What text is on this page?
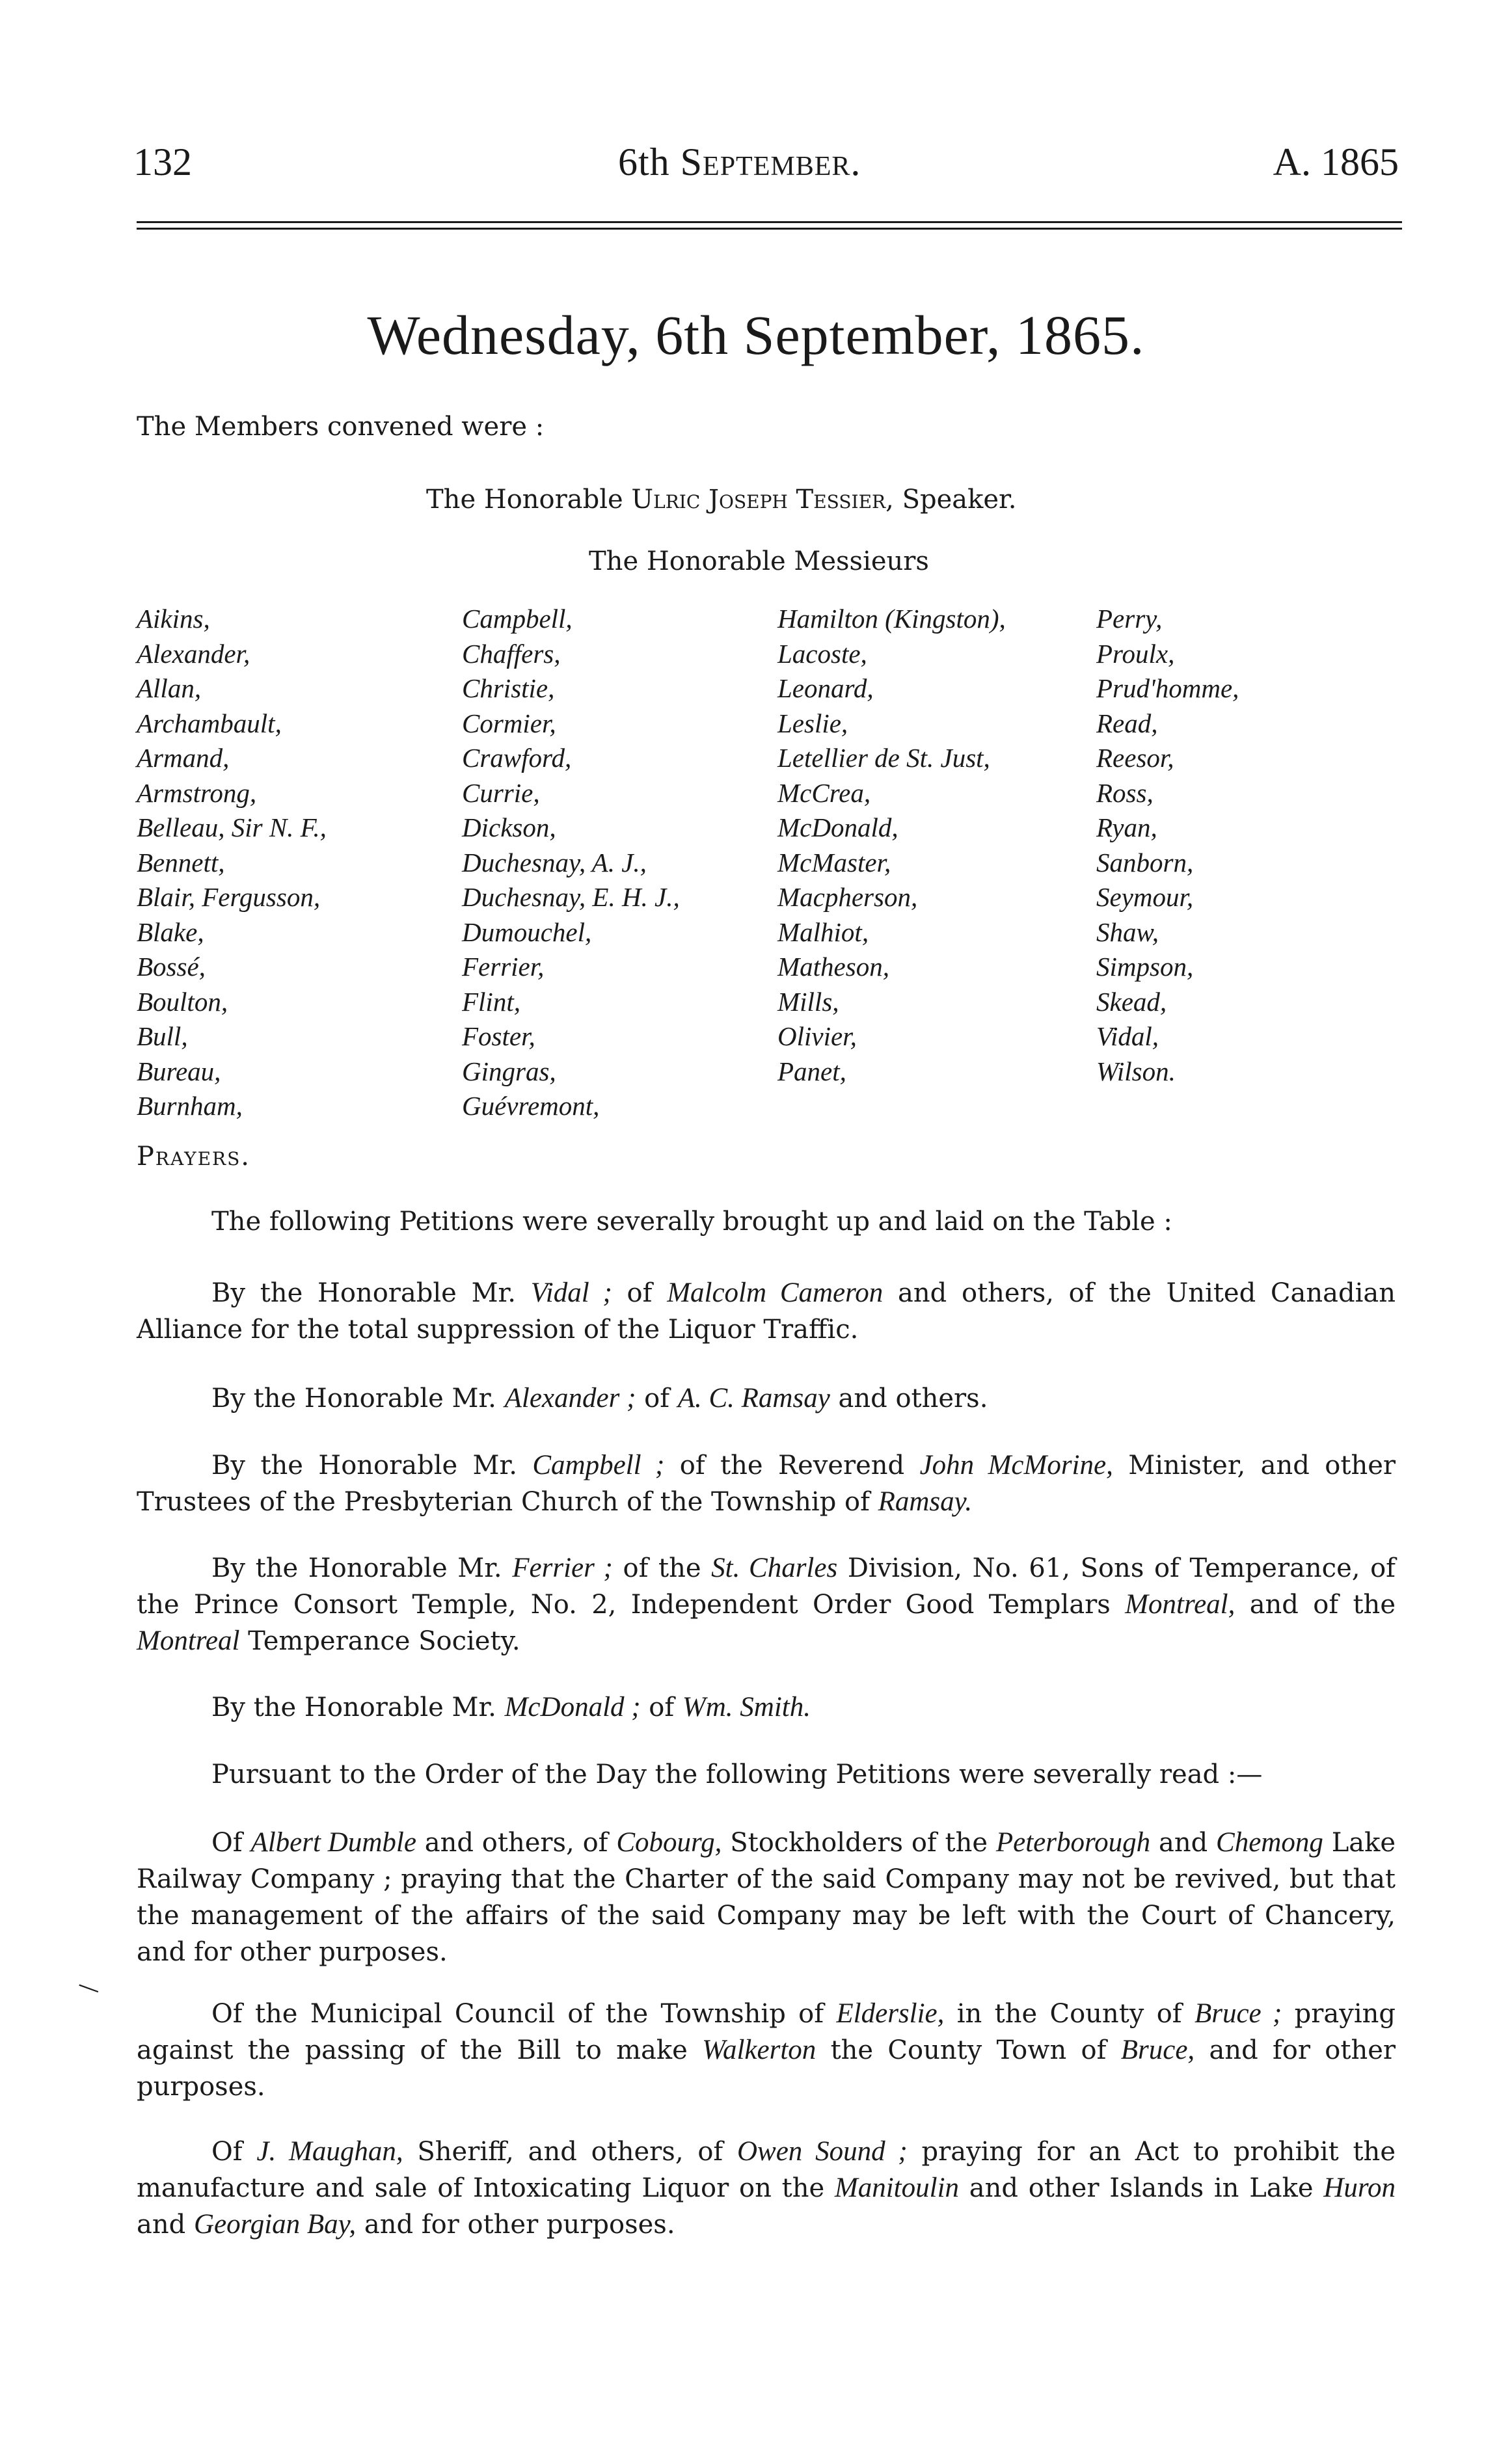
132	6th September.	A. 1865
Wednesday, 6th September, 1865.
The Members convened were :
The Honorable Ulric Joseph Tessier, Speaker.
The Honorable Messieurs
Aikins,
Alexander,
Allan,
Archambault,
Armand,
Armstrong,
Belleau, Sir N. F.,
Bennett,
Blair, Fergusson,
Blake,
Bossé,
Boulton,
Bull,
Bureau,
Burnham,
Campbell,
Chaffers,
Christie,
Cormier,
Crawford,
Currie,
Dickson,
Duchesnay, A. J.,
Duchesnay, E. H. J.,
Dumouchel,
Ferrier,
Flint,
Foster,
Gingras,
Guévremont,
Hamilton (Kingston),
Lacoste,
Leonard,
Leslie,
Letellier de St. Just,
McCrea,
McDonald,
McMaster,
Macpherson,
Malhiot,
Matheson,
Mills,
Olivier,
Panet,
Perry,
Proulx,
Prud'homme,
Read,
Reesor,
Ross,
Ryan,
Sanborn,
Seymour,
Shaw,
Simpson,
Skead,
Vidal,
Wilson.
Prayers.
The following Petitions were severally brought up and laid on the Table :
By the Honorable Mr. Vidal ; of Malcolm Cameron and others, of the United Canadian Alliance for the total suppression of the Liquor Traffic.
By the Honorable Mr. Alexander ; of A. C. Ramsay and others.
By the Honorable Mr. Campbell ; of the Reverend John McMorine, Minister, and other Trustees of the Presbyterian Church of the Township of Ramsay.
By the Honorable Mr. Ferrier ; of the St. Charles Division, No. 61, Sons of Temperance, of the Prince Consort Temple, No. 2, Independent Order Good Templars Montreal, and of the Montreal Temperance Society.
By the Honorable Mr. McDonald ; of Wm. Smith.
Pursuant to the Order of the Day the following Petitions were severally read :—
Of Albert Dumble and others, of Cobourg, Stockholders of the Peterborough and Chemong Lake Railway Company ; praying that the Charter of the said Company may not be revived, but that the management of the affairs of the said Company may be left with the Court of Chancery, and for other purposes.
—
Of the Municipal Council of the Township of Elderslie, in the County of Bruce ; praying against the passing of the Bill to make Walkerton the County Town of Bruce, and for other purposes.
Of J. Maughan, Sheriff, and others, of Owen Sound ; praying for an Act to prohibit the manufacture and sale of Intoxicating Liquor on the Manitoulin and other Islands in Lake Huron and Georgian Bay, and for other purposes.
